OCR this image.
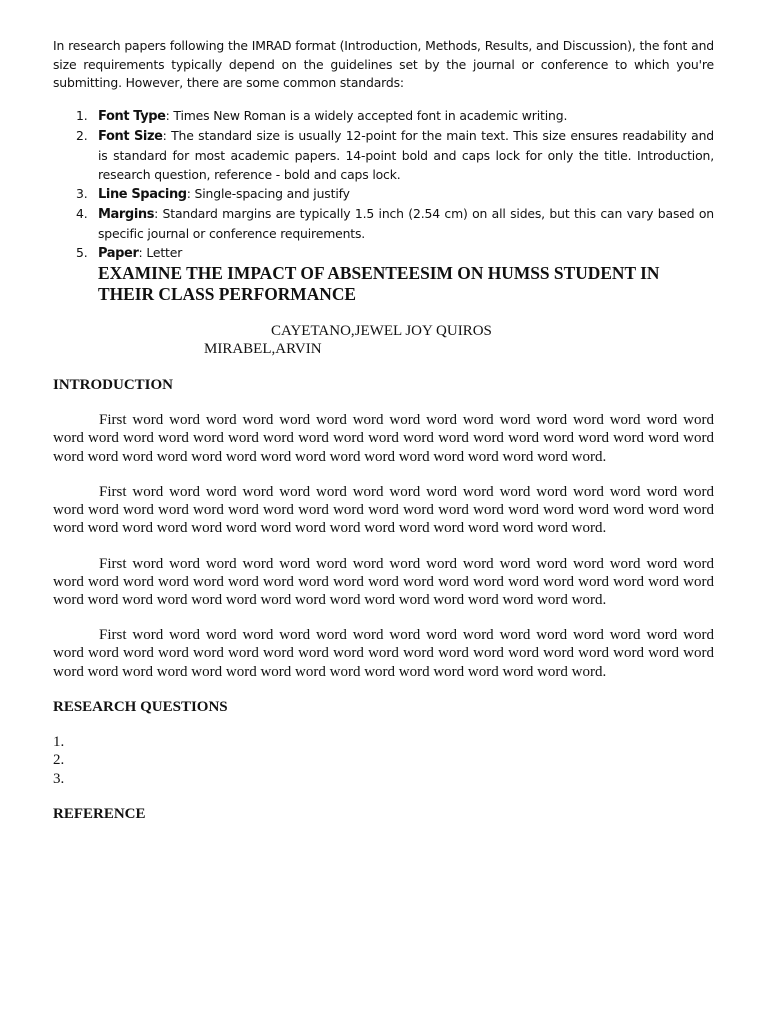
In research papers following the IMRAD format (Introduction, Methods, Results, and Discussion), the font and size requirements typically depend on the guidelines set by the journal or conference to which you're submitting. However, there are some common standards:

1. Font Type: Times New Roman is a widely accepted font in academic writing.
2. Font Size: The standard size is usually 12-point for the main text. This size ensures readability and is standard for most academic papers. 14-point bold and caps lock for only the title. Introduction, research question, reference - bold and caps lock.
3. Line Spacing: Single-spacing and justify
4. Margins: Standard margins are typically 1.5 inch (2.54 cm) on all sides, but this can vary based on specific journal or conference requirements.
5. Paper: Letter
EXAMINE THE IMPACT OF ABSENTEESIM ON HUMSS STUDENT IN THEIR CLASS PERFORMANCE
CAYETANO,JEWEL JOY QUIROS
MIRABEL,ARVIN
INTRODUCTION

First word word word word word word word word word word word word word word word word word word word word word word word word word word word word word word word word word word word word word word word word word word word word word word word word word word word.

First word word word word word word word word word word word word word word word word word word word word word word word word word word word word word word word word word word word word word word word word word word word word word word word word word word word.

First word word word word word word word word word word word word word word word word word word word word word word word word word word word word word word word word word word word word word word word word word word word word word word word word word word word.

First word word word word word word word word word word word word word word word word word word word word word word word word word word word word word word word word word word word word word word word word word word word word word word word word word word word.

RESEARCH QUESTIONS
1.
2.
3.
REFERENCE
